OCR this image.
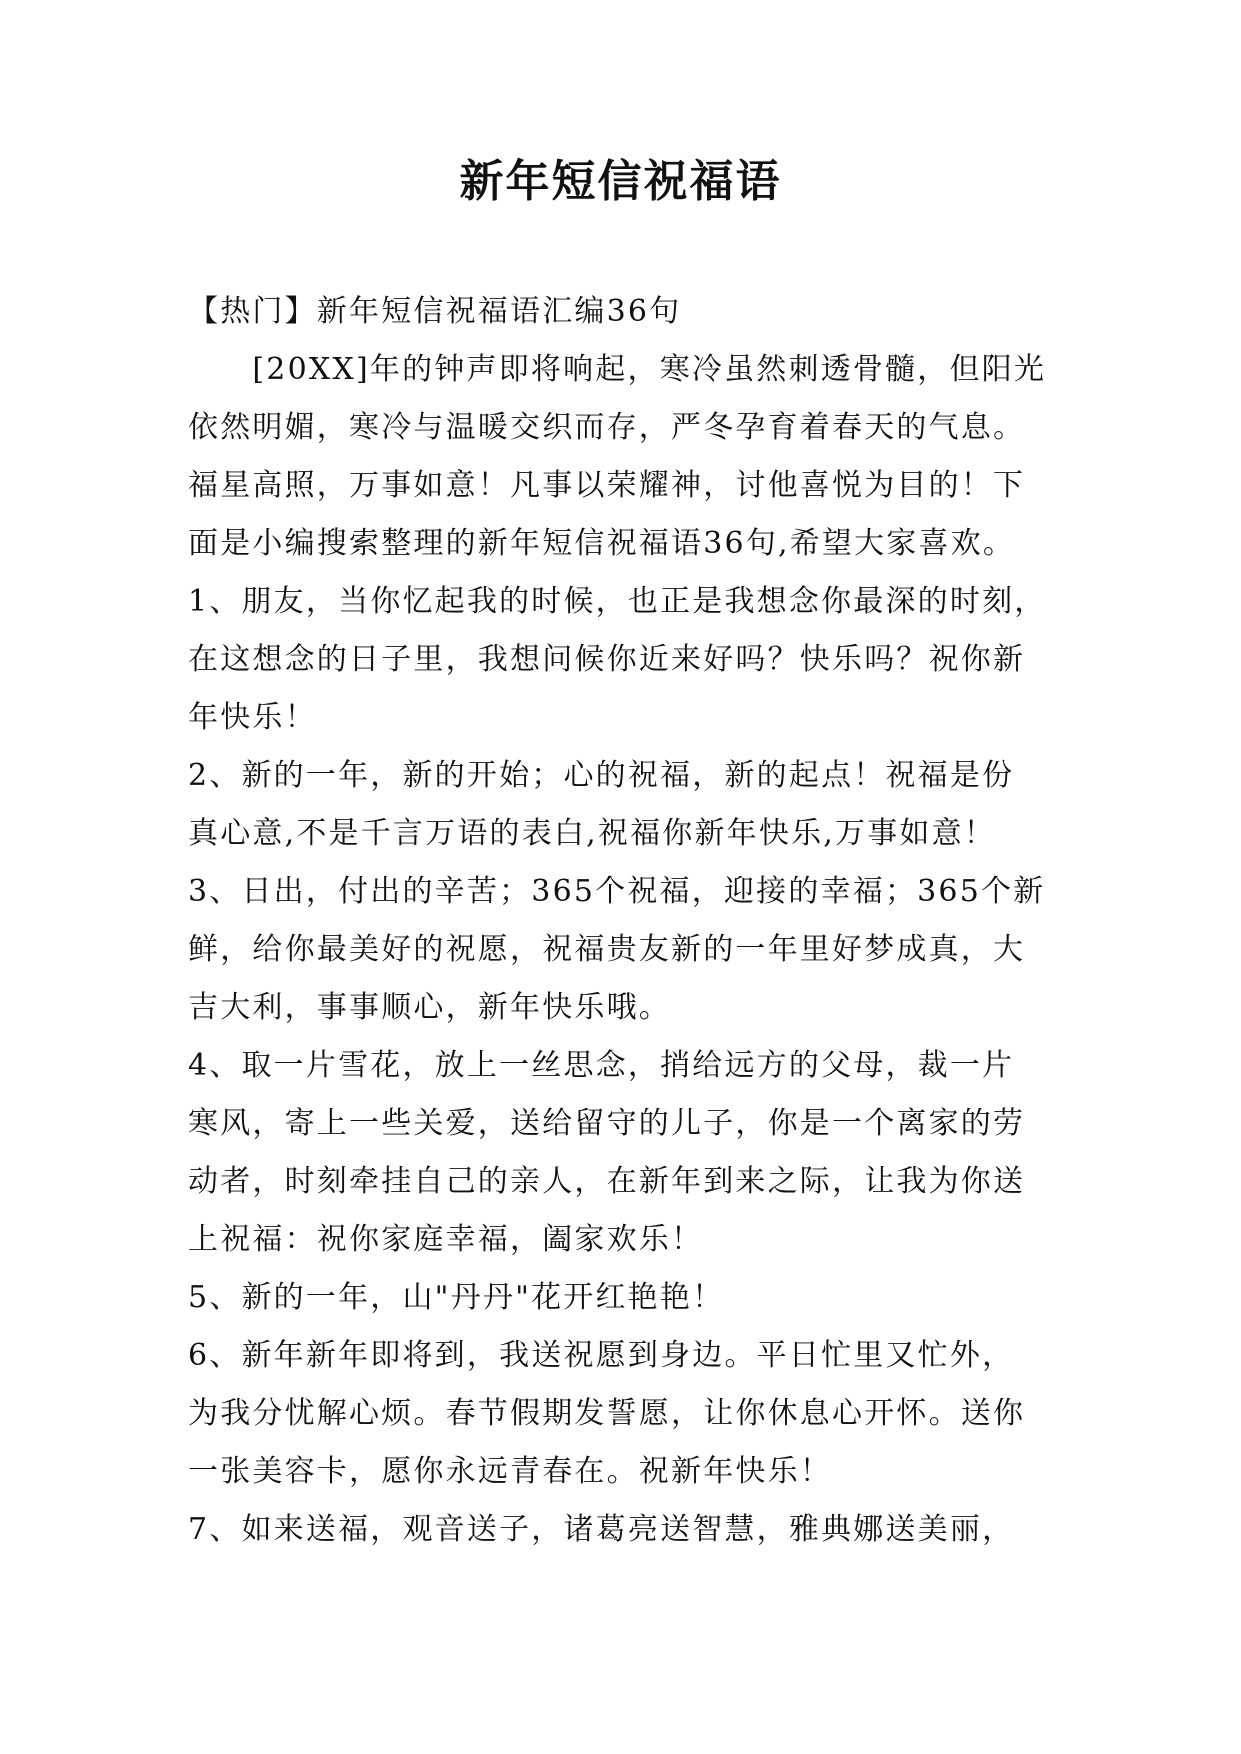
新年短信祝福语
【热门】新年短信祝福语汇编36句
　　[20XX]年的钟声即将响起，寒冷虽然刺透骨髓，但阳光
依然明媚，寒冷与温暖交织而存，严冬孕育着春天的气息。
福星高照，万事如意！凡事以荣耀神，讨他喜悦为目的！下
面是小编搜索整理的新年短信祝福语36句,希望大家喜欢。
1、朋友，当你忆起我的时候，也正是我想念你最深的时刻，
在这想念的日子里，我想问候你近来好吗？快乐吗？祝你新
年快乐！
2、新的一年，新的开始；心的祝福，新的起点！祝福是份
真心意,不是千言万语的表白,祝福你新年快乐,万事如意！
3、日出，付出的辛苦；365个祝福，迎接的幸福；365个新
鲜，给你最美好的祝愿，祝福贵友新的一年里好梦成真，大
吉大利，事事顺心，新年快乐哦。
4、取一片雪花，放上一丝思念，捎给远方的父母，裁一片
寒风，寄上一些关爱，送给留守的儿子，你是一个离家的劳
动者，时刻牵挂自己的亲人，在新年到来之际，让我为你送
上祝福：祝你家庭幸福，阖家欢乐！
5、新的一年，山"丹丹"花开红艳艳！
6、新年新年即将到，我送祝愿到身边。平日忙里又忙外，
为我分忧解心烦。春节假期发誓愿，让你休息心开怀。送你
一张美容卡，愿你永远青春在。祝新年快乐！
7、如来送福，观音送子，诸葛亮送智慧，雅典娜送美丽，
